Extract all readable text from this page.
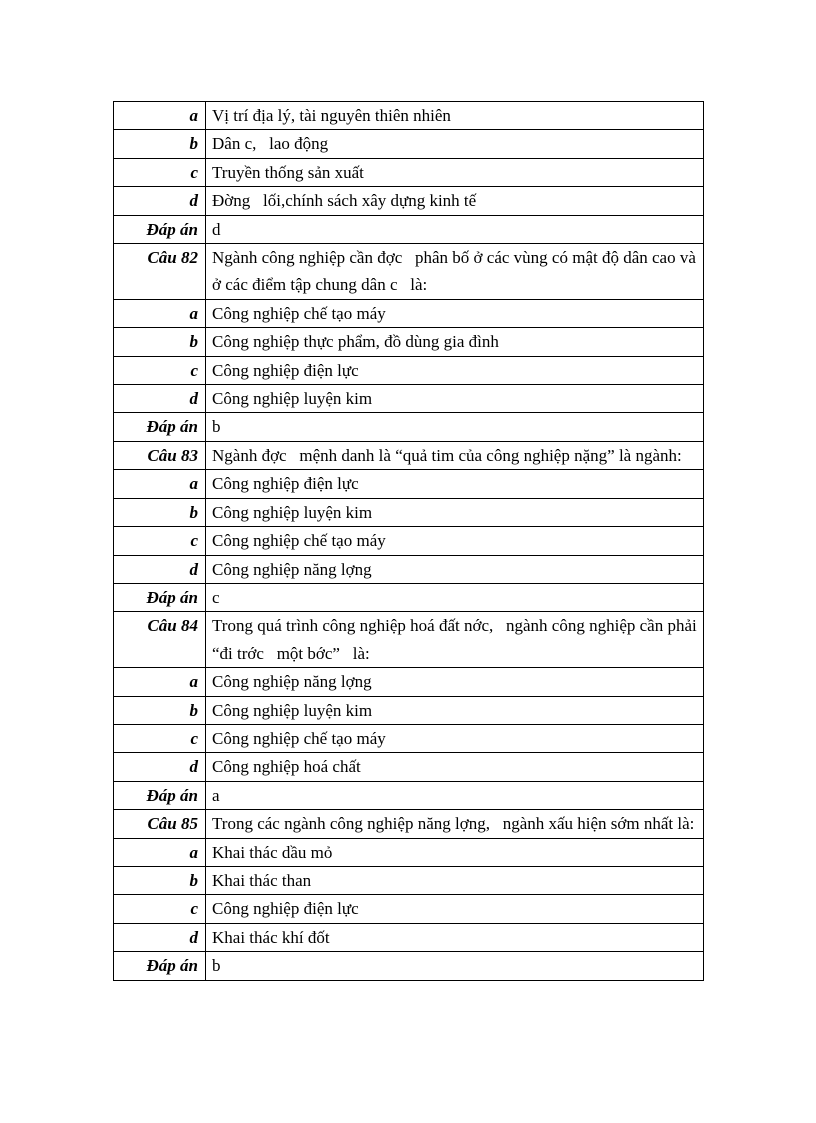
a	Vị trí địa lý, tài nguyên thiên nhiên
b	Dân c,   lao động
c	Truyền thống sản xuất
d	Đờng   lối,chính sách xây dựng kinh tế
Đáp án	d
Câu 82	Ngành công nghiệp cần đợc   phân bố ở các vùng có mật độ dân cao và ở các điểm tập chung dân c   là:
a	Công nghiệp chế tạo máy
b	Công nghiệp thực phẩm, đồ dùng gia đình
c	Công nghiệp điện lực
d	Công nghiệp luyện kim
Đáp án	b
Câu 83	Ngành đợc   mệnh danh là “quả tim của công nghiệp nặng” là ngành:
a	Công nghiệp điện lực
b	Công nghiệp luyện kim
c	Công nghiệp chế tạo máy
d	Công nghiệp năng lợng
Đáp án	c
Câu 84	Trong quá trình công nghiệp hoá đất nớc,   ngành công nghiệp cần phải “đi trớc   một bớc”   là:
a	Công nghiệp năng lợng
b	Công nghiệp luyện kim
c	Công nghiệp chế tạo máy
d	Công nghiệp hoá chất
Đáp án	a
Câu 85	Trong các ngành công nghiệp năng lợng,   ngành xấu hiện sớm nhất là:
a	Khai thác dầu mỏ
b	Khai thác than
c	Công nghiệp điện lực
d	Khai thác khí đốt
Đáp án	b
